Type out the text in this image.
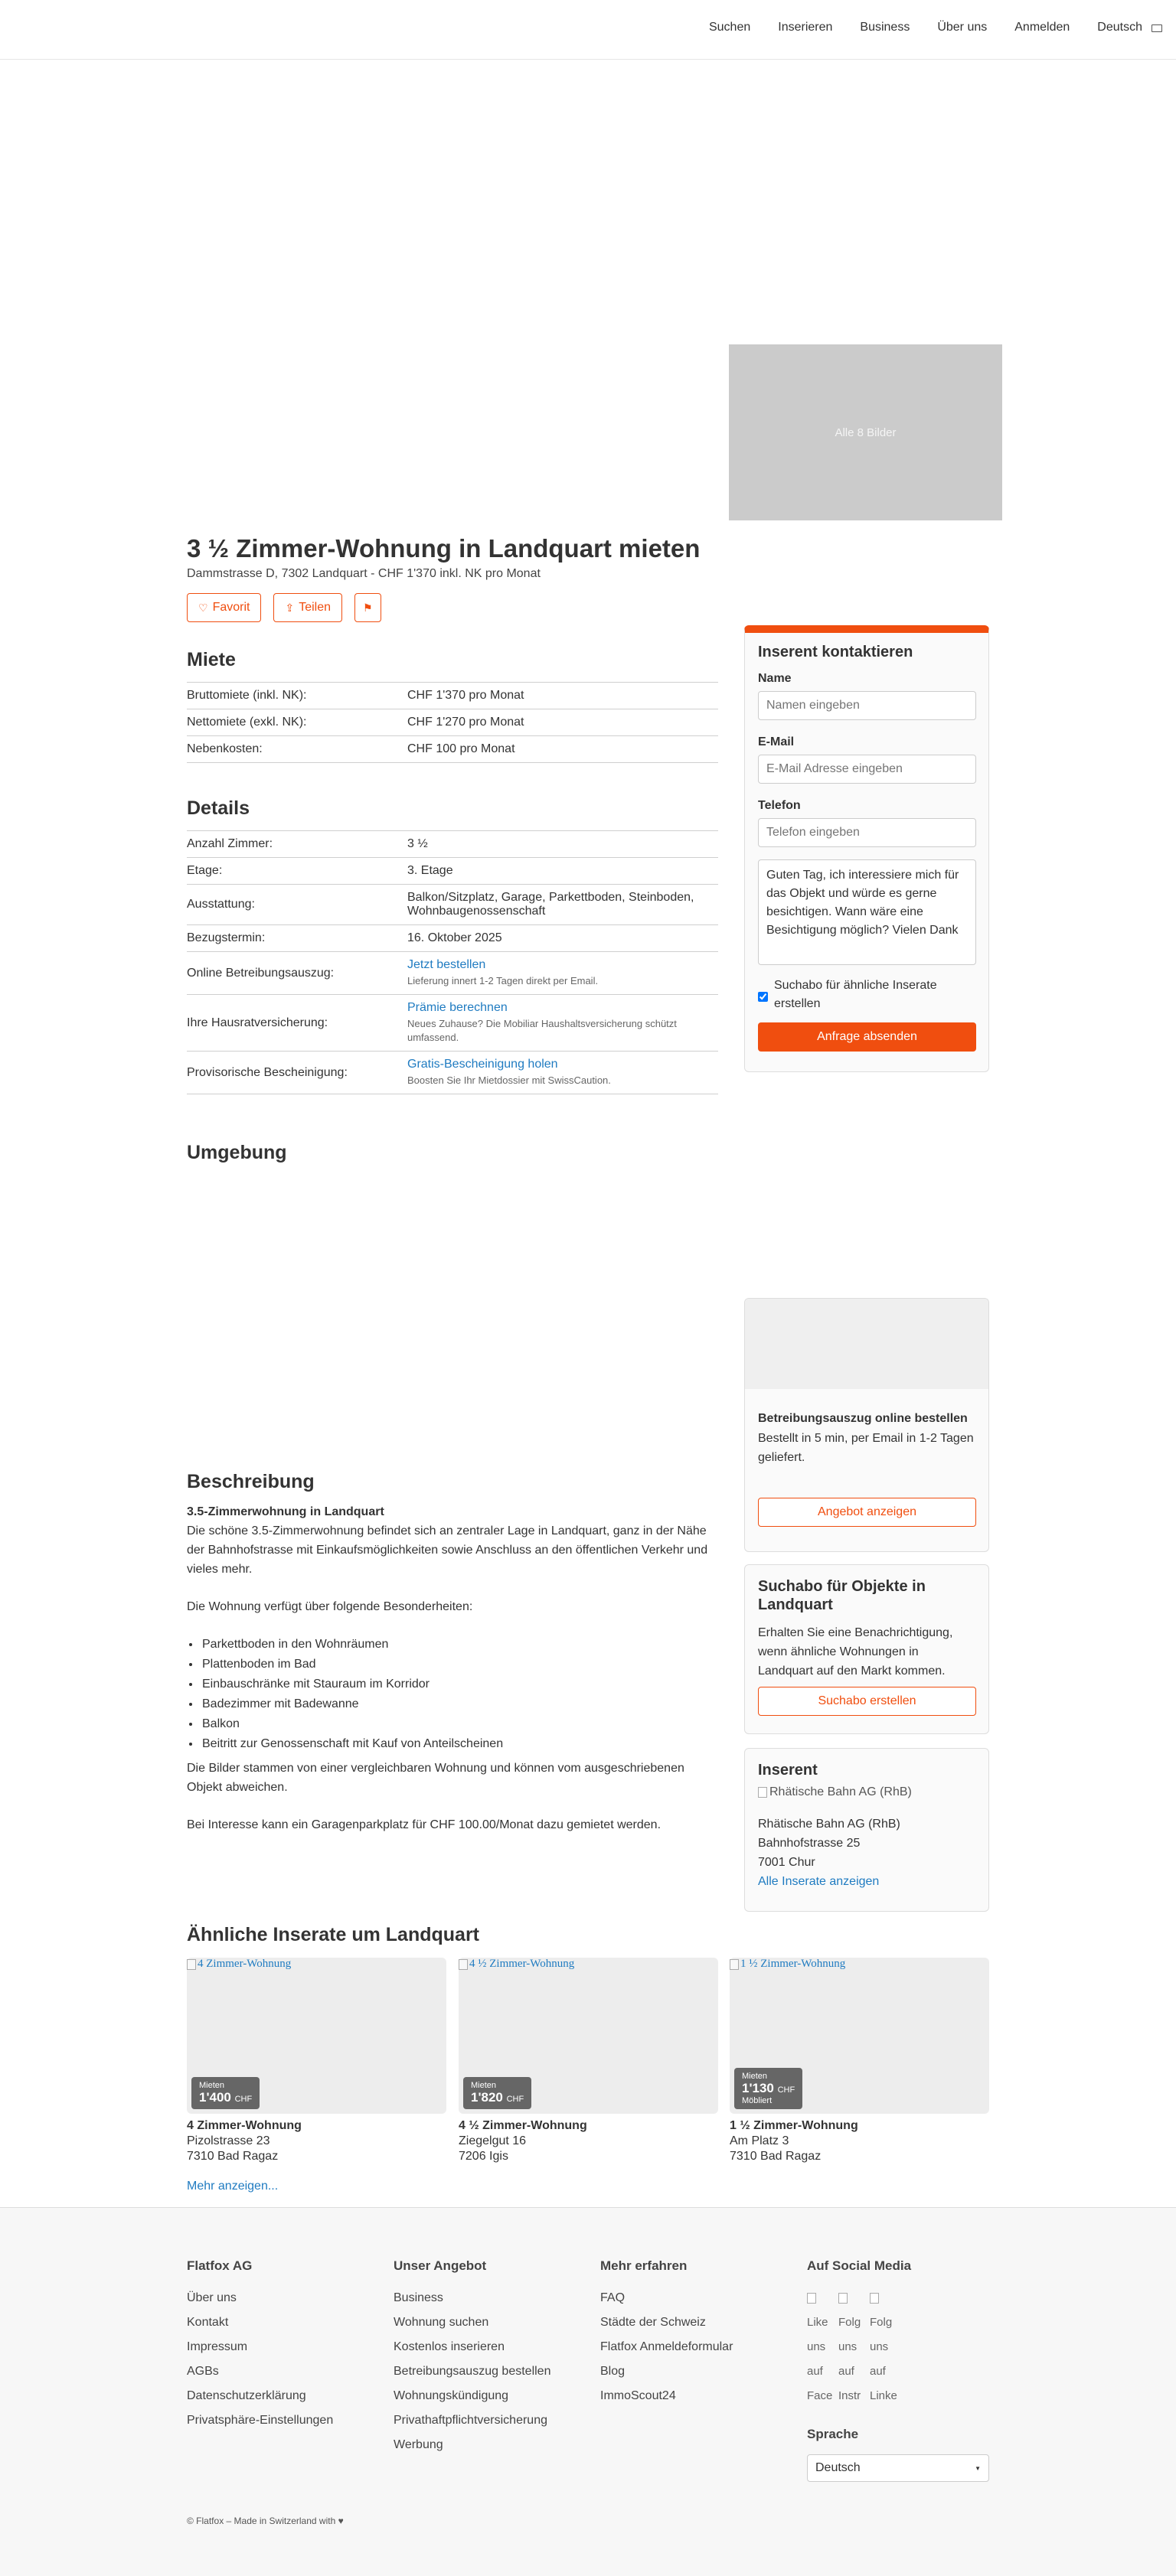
Suchen Inserieren Business Über uns Anmelden Deutsch
Alle 8 Bilder
3 ½ Zimmer-Wohnung in Landquart mieten
Dammstrasse D, 7302 Landquart - CHF 1'370 inkl. NK pro Monat
♡ Favorit	⇪ Teilen	⚑
Miete
Bruttomiete (inkl. NK):	CHF 1'370 pro Monat
Nettomiete (exkl. NK):	CHF 1'270 pro Monat
Nebenkosten:	CHF 100 pro Monat
Details
Anzahl Zimmer:	3 ½
Etage:	3. Etage
Ausstattung:	Balkon/Sitzplatz, Garage, Parkettboden, Steinboden, Wohnbaugenossenschaft
Bezugstermin:	16. Oktober 2025
Online Betreibungsauszug:	Jetzt bestellen
Lieferung innert 1-2 Tagen direkt per Email.

Ihre Hausratversicherung:	Prämie berechnen
Neues Zuhause? Die Mobiliar Haushaltsversicherung schützt umfassend.

Provisorische Bescheinigung:	Gratis-Bescheinigung holen
Boosten Sie Ihr Mietdossier mit SwissCaution.
Umgebung
Inserent kontaktieren
Name
Namen eingeben
E-Mail
E-Mail Adresse eingeben
Telefon
Telefon eingeben Guten Tag, ich interessiere mich für das Objekt und würde es gerne besichtigen. Wann wäre eine Besichtigung möglich? Vielen Dank
Suchabo für ähnliche Inserate erstellen
Anfrage absenden
Betreibungsauszug online bestellen

Bestellt in 5 min, per Email in 1-2 Tagen geliefert.

Angebot anzeigen
Suchabo für Objekte in Landquart

Erhalten Sie eine Benachrichtigung, wenn ähnliche Wohnungen in Landquart auf den Markt kommen.

Suchabo erstellen
Inserent
Rhätische Bahn AG (RhB)

Rhätische Bahn AG (RhB)

Bahnhofstrasse 25

7001 Chur

Alle Inserate anzeigen

Beschreibung
3.5-Zimmerwohnung in Landquart

Die schöne 3.5-Zimmerwohnung befindet sich an zentraler Lage in Landquart, ganz in der Nähe der Bahnhofstrasse mit Einkaufsmöglichkeiten sowie Anschluss an den öffentlichen Verkehr und vieles mehr.

Die Wohnung verfügt über folgende Besonderheiten:

• Parkettboden in den Wohnräumen
• Plattenboden im Bad
• Einbauschränke mit Stauraum im Korridor
• Badezimmer mit Badewanne
• Balkon
• Beitritt zur Genossenschaft mit Kauf von Anteilscheinen

Die Bilder stammen von einer vergleichbaren Wohnung und können vom ausgeschriebenen Objekt abweichen.

Bei Interesse kann ein Garagenparkplatz für CHF 100.00/Monat dazu gemietet werden.

Ähnliche Inserate um Landquart
4 Zimmer-Wohnung
Mieten
1'400 CHF
4 Zimmer-Wohnung
Pizolstrasse 23
7310 Bad Ragaz
4 ½ Zimmer-Wohnung
Mieten
1'820 CHF
4 ½ Zimmer-Wohnung
Ziegelgut 16
7206 Igis
1 ½ Zimmer-Wohnung
Mieten
1'130 CHF
Möbliert
1 ½ Zimmer-Wohnung
Am Platz 3
7310 Bad Ragaz
Mehr anzeigen...
Flatfox AG
Über uns
Kontakt
Impressum
AGBs
Datenschutzerklärung
Privatsphäre-Einstellungen
Unser Angebot
Business
Wohnung suchen
Kostenlos inserieren
Betreibungsauszug bestellen
Wohnungskündigung
Privathaftpflichtversicherung
Werbung
Mehr erfahren
FAQ
Städte der Schweiz
Flatfox Anmeldeformular
Blog
ImmoScout24
Auf Social Media
Like
uns
auf
Face
Folg
uns
auf
Instr
Folg
uns
auf
Linke
Sprache
Deutsch	▼
© Flatfox – Made in Switzerland with ♥
